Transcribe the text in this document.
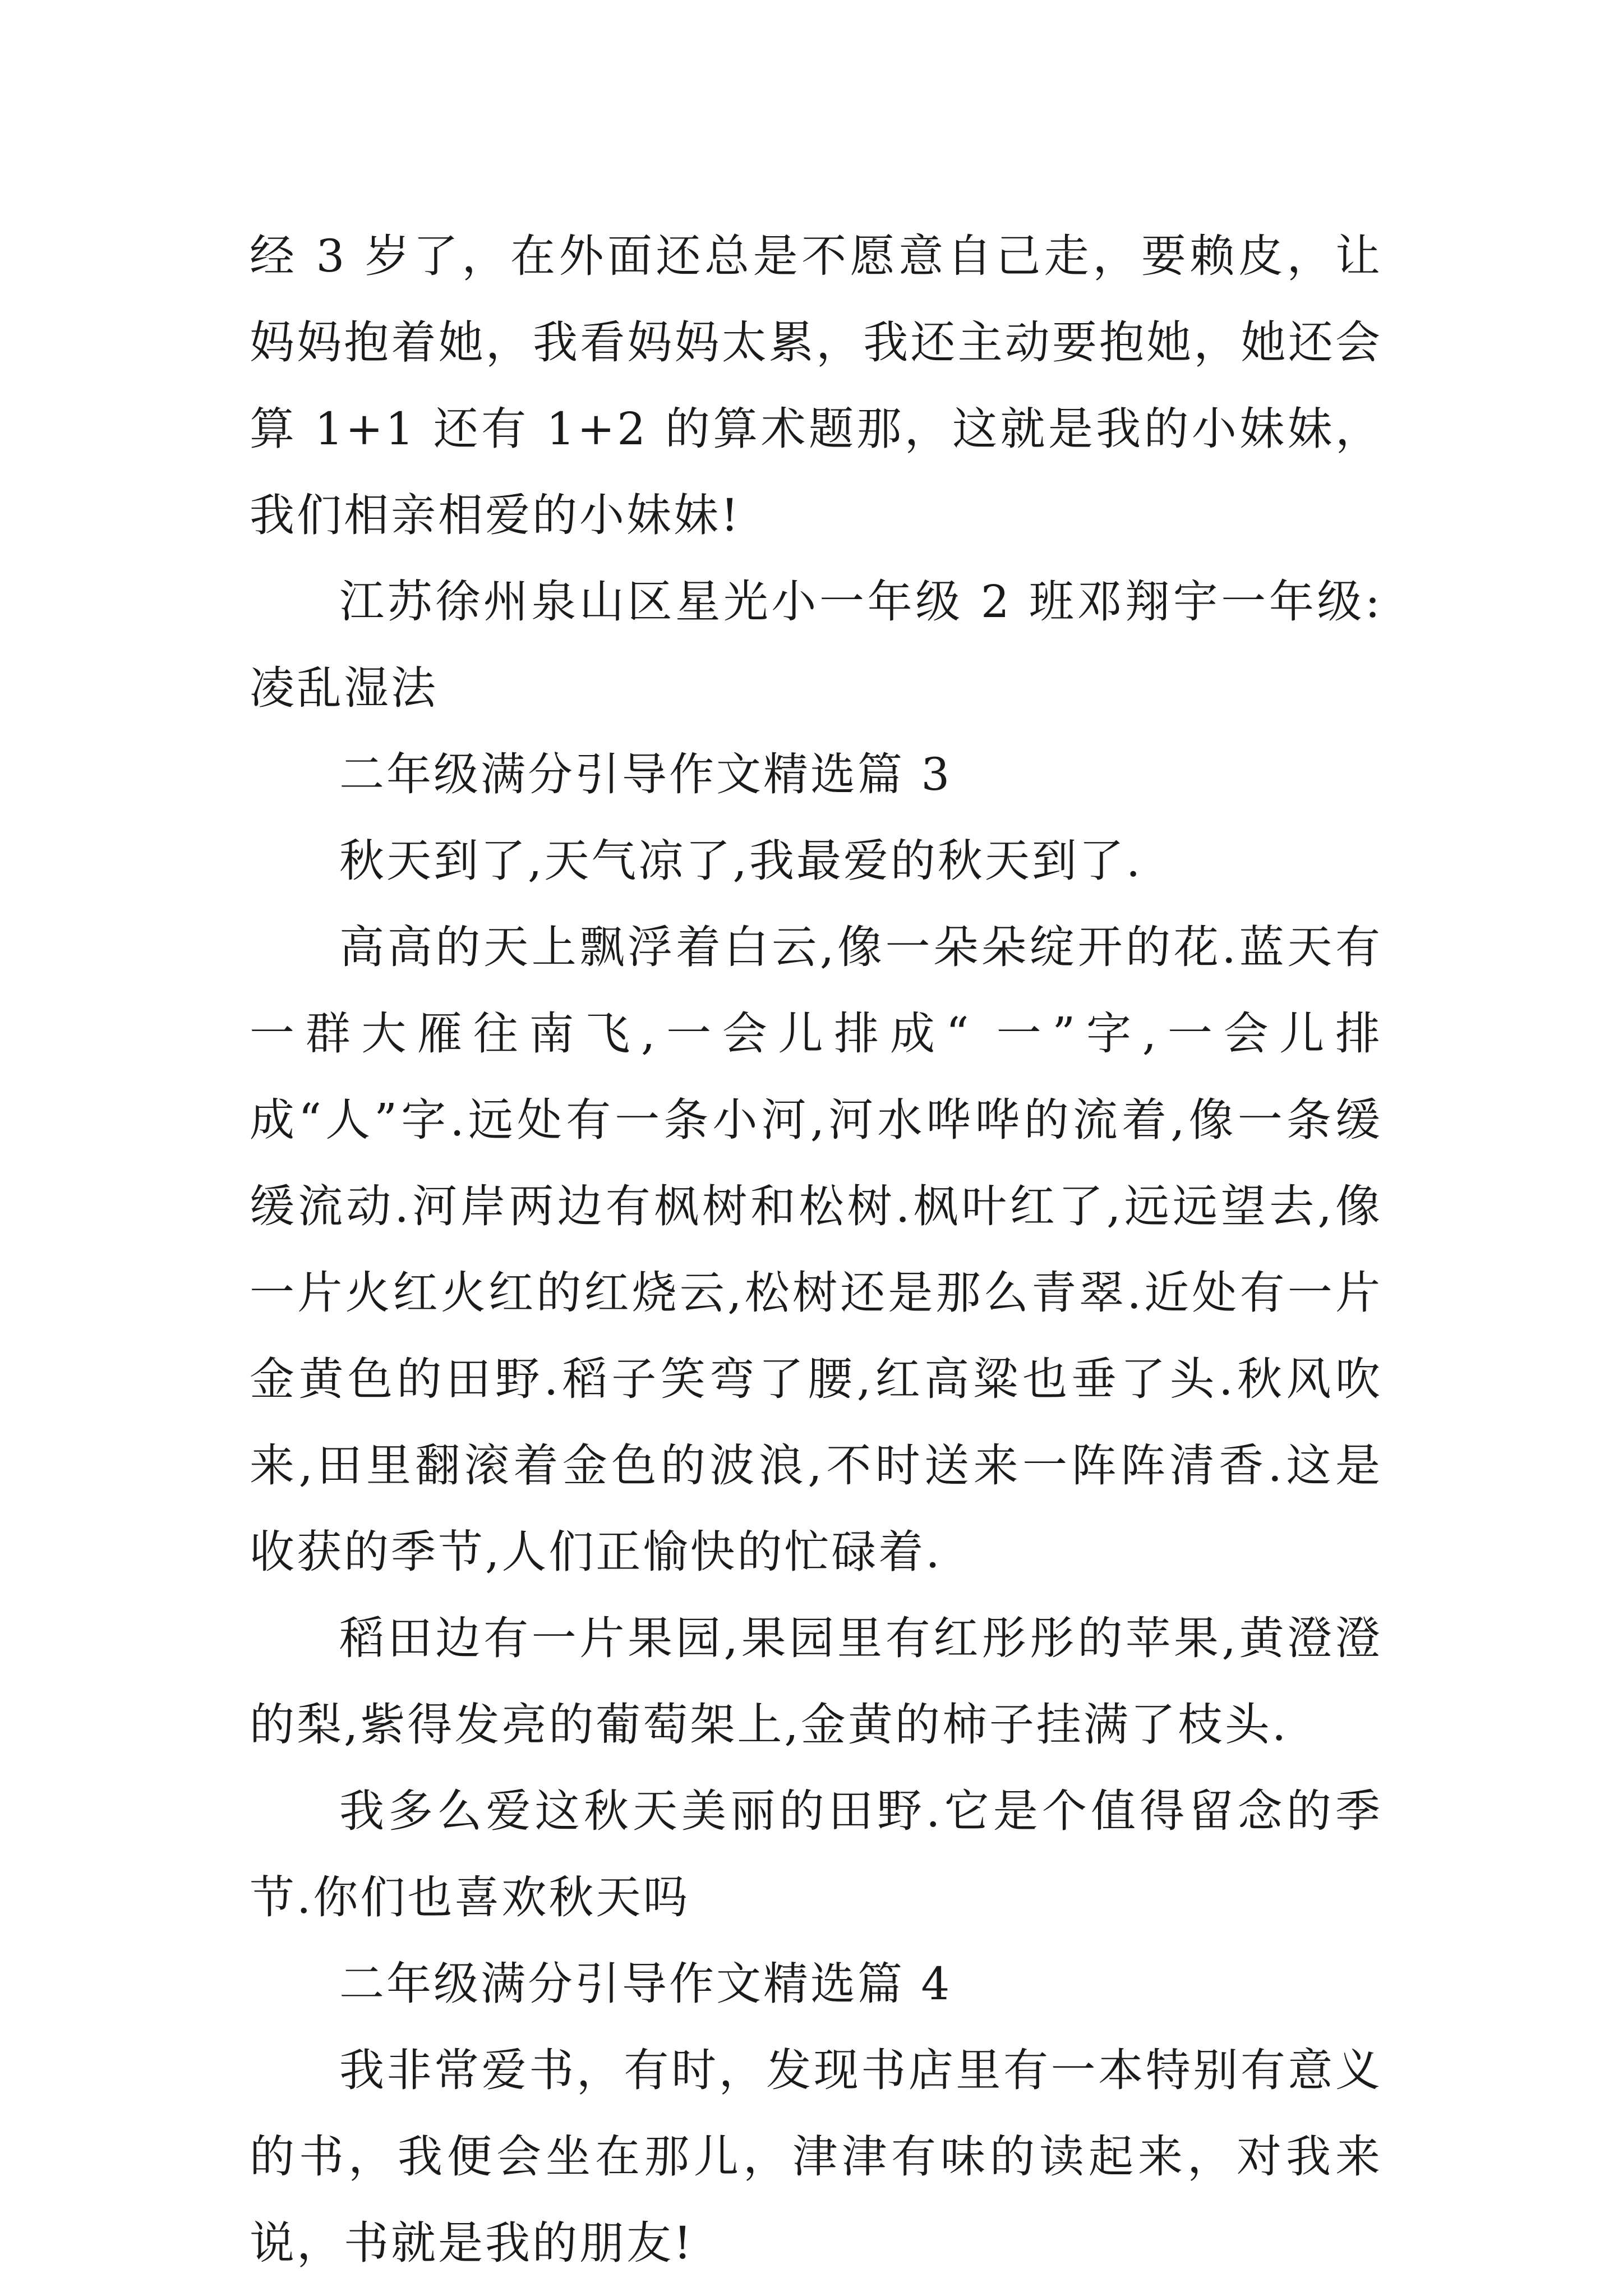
经 3 岁了，在外面还总是不愿意自己走，要赖皮，让妈妈抱着她，我看妈妈太累，我还主动要抱她，她还会算 1+1 还有 1+2 的算术题那，这就是我的小妹妹，我们相亲相爱的小妹妹!

江苏徐州泉山区星光小一年级 2 班邓翔宇一年级:凌乱湿法

二年级满分引导作文精选篇 3

秋天到了,天气凉了,我最爱的秋天到了.

高高的天上飘浮着白云,像一朵朵绽开的花.蓝天有一群大雁往南飞,一会儿排成“ 一”字,一会儿排成“人”字.远处有一条小河,河水哗哗的流着,像一条缓缓流动.河岸两边有枫树和松树.枫叶红了,远远望去,像一片火红火红的红烧云,松树还是那么青翠.近处有一片金黄色的田野.稻子笑弯了腰,红高粱也垂了头.秋风吹来,田里翻滚着金色的波浪,不时送来一阵阵清香.这是收获的季节,人们正愉快的忙碌着.

稻田边有一片果园,果园里有红彤彤的苹果,黄澄澄的梨,紫得发亮的葡萄架上,金黄的柿子挂满了枝头.

我多么爱这秋天美丽的田野.它是个值得留念的季节.你们也喜欢秋天吗

二年级满分引导作文精选篇 4

我非常爱书，有时，发现书店里有一本特别有意义的书，我便会坐在那儿，津津有味的读起来，对我来说，书就是我的朋友!
